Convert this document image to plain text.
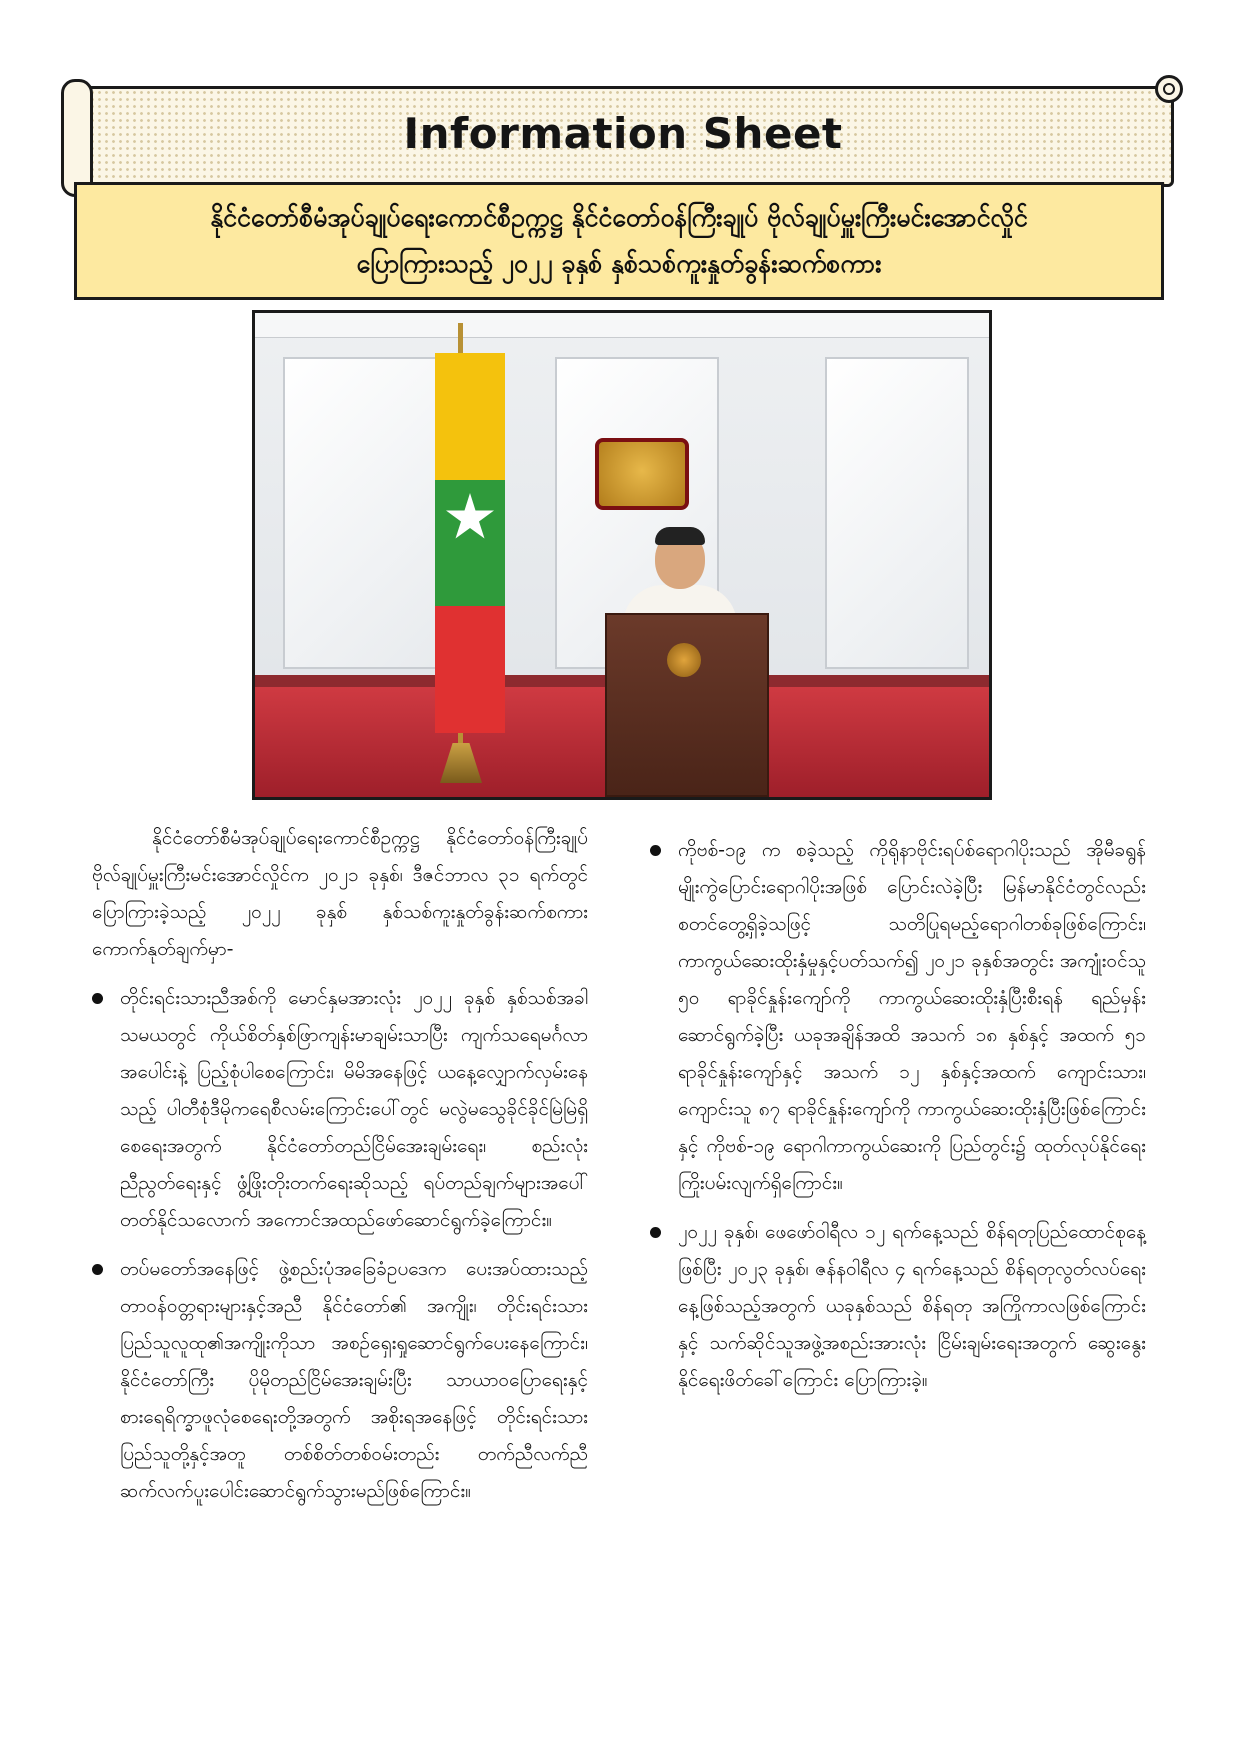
Information Sheet
နိုင်ငံတော်စီမံအုပ်ချုပ်ရေးကောင်စီဥက္ကဋ္ဌ နိုင်ငံတော်ဝန်ကြီးချုပ် ဗိုလ်ချုပ်မှူးကြီးမင်းအောင်လှိုင်
ပြောကြားသည့် ၂၀၂၂ ခုနှစ် နှစ်သစ်ကူးနှုတ်ခွန်းဆက်စကား

နိုင်ငံတော်စီမံအုပ်ချုပ်ရေးကောင်စီဥက္ကဋ္ဌ နိုင်ငံတော်ဝန်ကြီးချုပ် ဗိုလ်ချုပ်မှူးကြီးမင်းအောင်လှိုင်က ၂၀၂၁ ခုနှစ်၊ ဒီဇင်ဘာလ ၃၁ ရက်တွင် ပြောကြားခဲ့သည့် ၂၀၂၂ ခုနှစ် နှစ်သစ်ကူးနှုတ်ခွန်းဆက်စကားကောက်နုတ်ချက်မှာ-

တိုင်းရင်းသားညီအစ်ကို မောင်နှမအားလုံး ၂၀၂၂ ခုနှစ် နှစ်သစ်အခါသမယတွင် ကိုယ်စိတ်နှစ်ဖြာကျန်းမာချမ်းသာပြီး ကျက်သရေမင်္ဂလာအပေါင်းနဲ့ ပြည့်စုံပါစေကြောင်း၊ မိမိအနေဖြင့် ယနေ့လျှောက်လှမ်းနေသည့် ပါတီစုံဒီမိုကရေစီလမ်းကြောင်းပေါ်တွင် မလွဲမသွေခိုင်ခိုင်မြဲမြဲရှိစေရေးအတွက် နိုင်ငံတော်တည်ငြိမ်အေးချမ်းရေး၊ စည်းလုံးညီညွတ်ရေးနှင့် ဖွံ့ဖြိုးတိုးတက်ရေးဆိုသည့် ရပ်တည်ချက်များအပေါ် တတ်နိုင်သလောက် အကောင်အထည်ဖော်ဆောင်ရွက်ခဲ့ကြောင်း။
တပ်မတော်အနေဖြင့် ဖွဲ့စည်းပုံအခြေခံဥပဒေက ပေးအပ်ထားသည့် တာဝန်ဝတ္တရားများနှင့်အညီ နိုင်ငံတော်၏ အကျိုး၊ တိုင်းရင်းသားပြည်သူလူထု၏အကျိုးကိုသာ အစဉ်ရှေးရှုဆောင်ရွက်ပေးနေကြောင်း၊ နိုင်ငံတော်ကြီး ပိုမိုတည်ငြိမ်အေးချမ်းပြီး သာယာဝပြောရေးနှင့် စားရေရိက္ခာဖူလုံစေရေးတို့အတွက် အစိုးရအနေဖြင့် တိုင်းရင်းသားပြည်သူတို့နှင့်အတူ တစ်စိတ်တစ်ဝမ်းတည်း တက်ညီလက်ညီ ဆက်လက်ပူးပေါင်းဆောင်ရွက်သွားမည်ဖြစ်ကြောင်း။
ကိုဗစ်-၁၉ က စခဲ့သည့် ကိုရိုနာဗိုင်းရပ်စ်ရောဂါပိုးသည် အိုမီခရွန်မျိုးကွဲပြောင်းရောဂါပိုးအဖြစ် ပြောင်းလဲခဲ့ပြီး မြန်မာနိုင်ငံတွင်လည်း စတင်တွေ့ရှိခဲ့သဖြင့် သတိပြုရမည့်ရောဂါတစ်ခုဖြစ်ကြောင်း၊ ကာကွယ်ဆေးထိုးနှံမှုနှင့်ပတ်သက်၍ ၂၀၂၁ ခုနှစ်အတွင်း အကျုံးဝင်သူ ၅၀ ရာခိုင်နှုန်းကျော်ကို ကာကွယ်ဆေးထိုးနှံပြီးစီးရန် ရည်မှန်းဆောင်ရွက်ခဲ့ပြီး ယခုအချိန်အထိ အသက် ၁၈ နှစ်နှင့် အထက် ၅၁ ရာခိုင်နှုန်းကျော်နှင့် အသက် ၁၂ နှစ်နှင့်အထက် ကျောင်းသား၊ ကျောင်းသူ ၈၇ ရာခိုင်နှုန်းကျော်ကို ကာကွယ်ဆေးထိုးနှံပြီးဖြစ်ကြောင်းနှင့် ကိုဗစ်-၁၉ ရောဂါကာကွယ်ဆေးကို ပြည်တွင်း၌ ထုတ်လုပ်နိုင်ရေး ကြိုးပမ်းလျက်ရှိကြောင်း။
၂၀၂၂ ခုနှစ်၊ ဖေဖော်ဝါရီလ ၁၂ ရက်နေ့သည် စိန်ရတုပြည်ထောင်စုနေ့ဖြစ်ပြီး ၂၀၂၃ ခုနှစ်၊ ဇန်နဝါရီလ ၄ ရက်နေ့သည် စိန်ရတုလွတ်လပ်ရေးနေ့ဖြစ်သည့်အတွက် ယခုနှစ်သည် စိန်ရတု အကြိုကာလဖြစ်ကြောင်းနှင့် သက်ဆိုင်သူအဖွဲ့အစည်းအားလုံး ငြိမ်းချမ်းရေးအတွက် ဆွေးနွေးနိုင်ရေးဖိတ်ခေါ်ကြောင်း ပြောကြားခဲ့။
